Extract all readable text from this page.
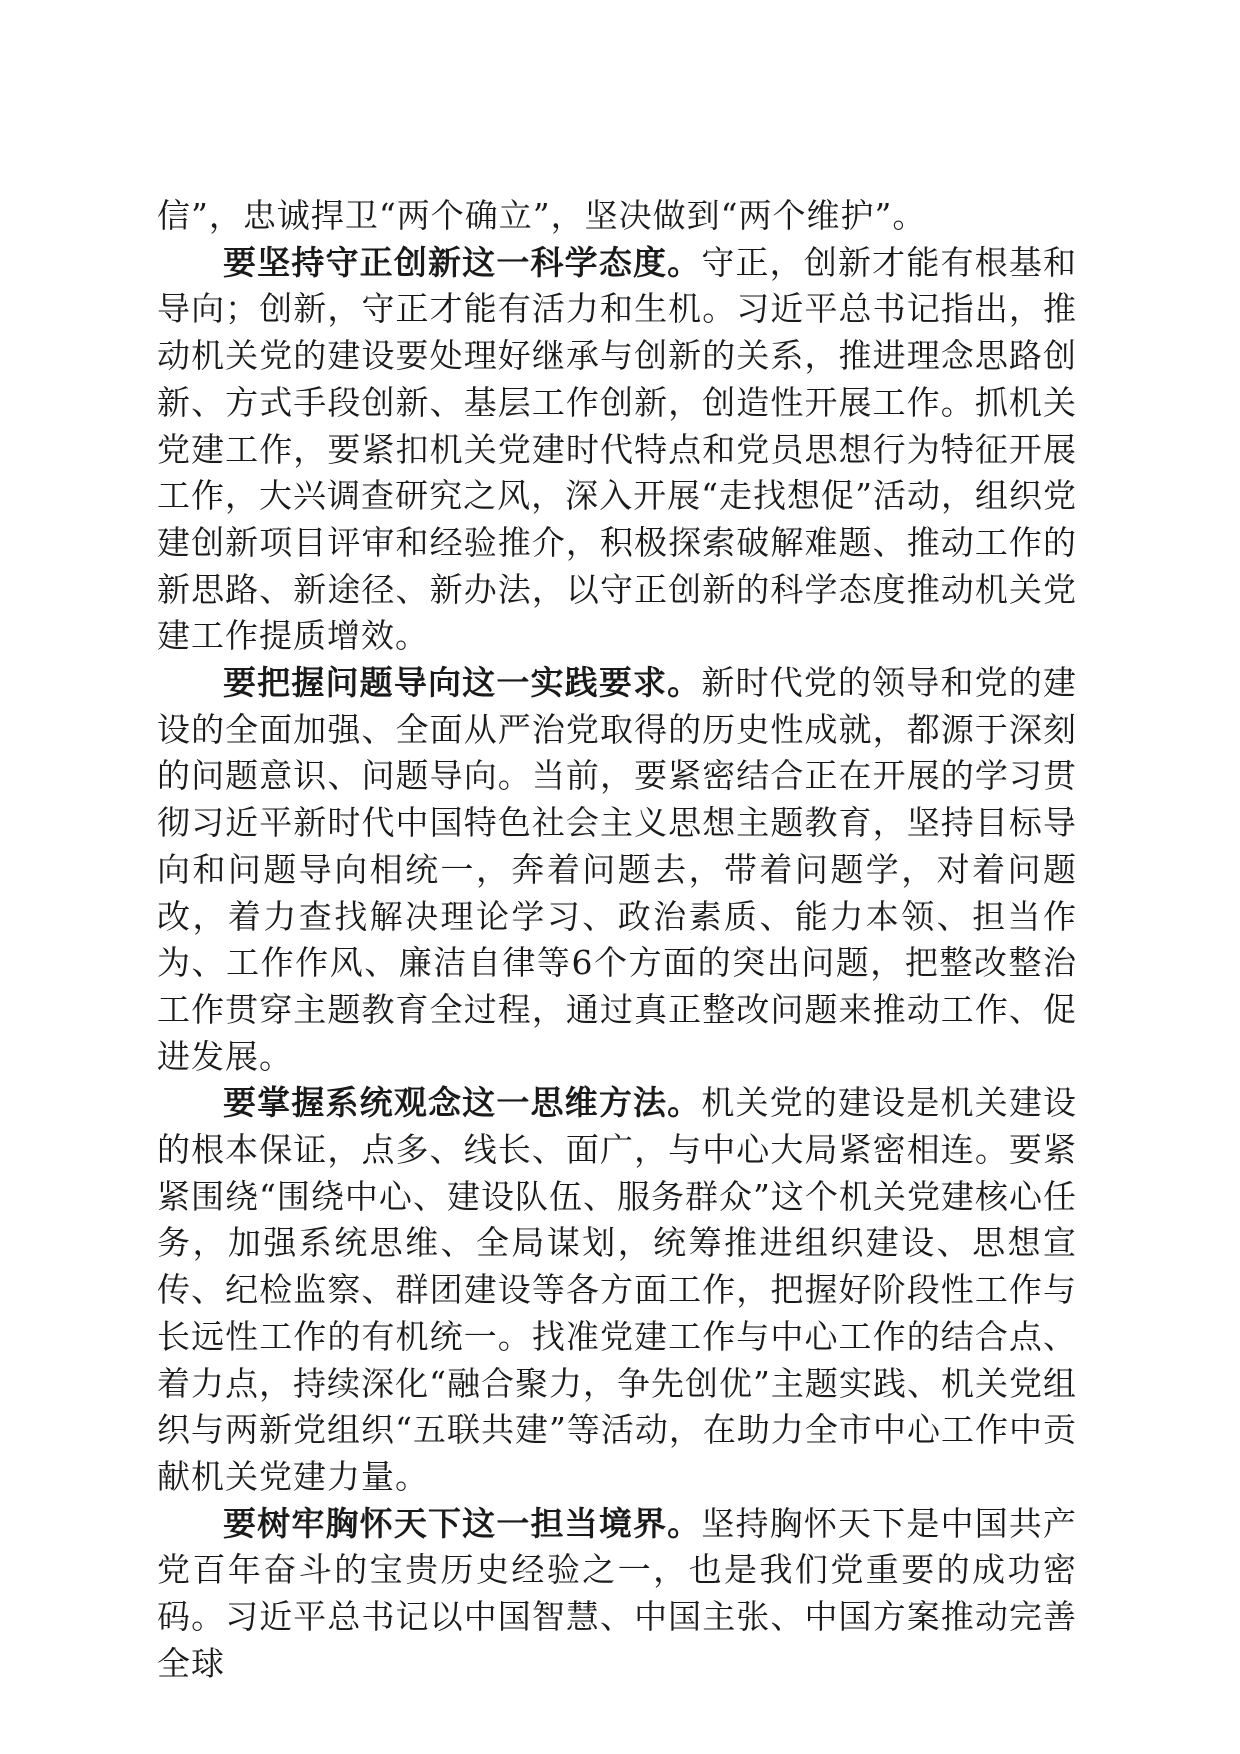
信”，忠诚捍卫“两个确立”，坚决做到“两个维护”。

要坚持守正创新这一科学态度。守正，创新才能有根基和导向；创新，守正才能有活力和生机。习近平总书记指出，推动机关党的建设要处理好继承与创新的关系，推进理念思路创新、方式手段创新、基层工作创新，创造性开展工作。抓机关党建工作，要紧扣机关党建时代特点和党员思想行为特征开展工作，大兴调查研究之风，深入开展“走找想促”活动，组织党建创新项目评审和经验推介，积极探索破解难题、推动工作的新思路、新途径、新办法，以守正创新的科学态度推动机关党建工作提质增效。

要把握问题导向这一实践要求。新时代党的领导和党的建设的全面加强、全面从严治党取得的历史性成就，都源于深刻的问题意识、问题导向。当前，要紧密结合正在开展的学习贯彻习近平新时代中国特色社会主义思想主题教育，坚持目标导向和问题导向相统一，奔着问题去，带着问题学，对着问题改，着力查找解决理论学习、政治素质、能力本领、担当作为、工作作风、廉洁自律等6个方面的突出问题，把整改整治工作贯穿主题教育全过程，通过真正整改问题来推动工作、促进发展。

要掌握系统观念这一思维方法。机关党的建设是机关建设的根本保证，点多、线长、面广，与中心大局紧密相连。要紧紧围绕“围绕中心、建设队伍、服务群众”这个机关党建核心任务，加强系统思维、全局谋划，统筹推进组织建设、思想宣传、纪检监察、群团建设等各方面工作，把握好阶段性工作与长远性工作的有机统一。找准党建工作与中心工作的结合点、着力点，持续深化“融合聚力，争先创优”主题实践、机关党组织与两新党组织“五联共建”等活动，在助力全市中心工作中贡献机关党建力量。

要树牢胸怀天下这一担当境界。坚持胸怀天下是中国共产党百年奋斗的宝贵历史经验之一，也是我们党重要的成功密码。习近平总书记以中国智慧、中国主张、中国方案推动完善全球
